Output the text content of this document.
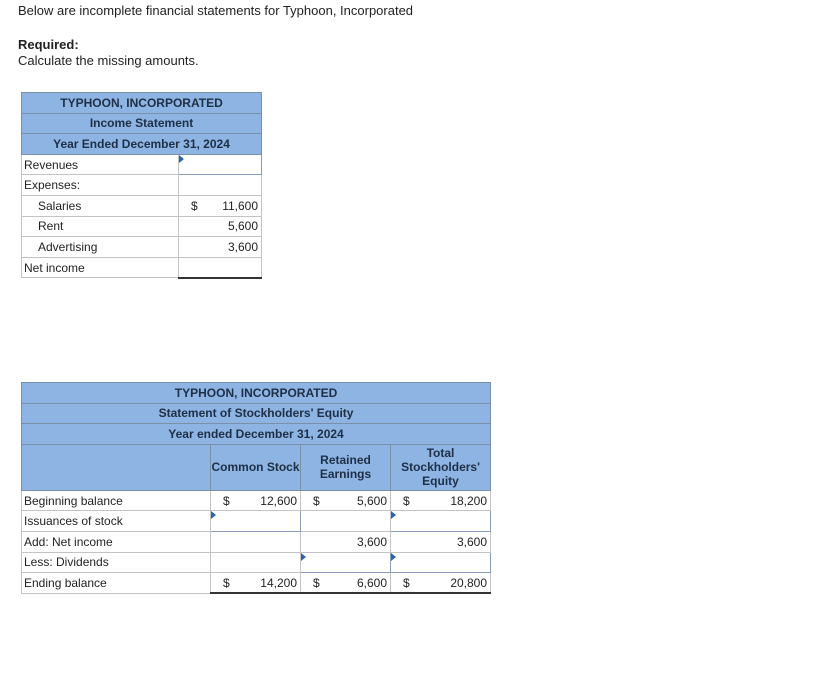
Below are incomplete financial statements for Typhoon, Incorporated
Required:
Calculate the missing amounts.
TYPHOON, INCORPORATED	
Income Statement	
Year Ended December 31, 2024	
Revenues	
Expenses:	
Salaries	$ 11,600

Rent	5,600

Advertising	3,600

Net income	
TYPHOON, INCORPORATED			
Statement of Stockholders' Equity			
Year ended December 31, 2024			
	Common Stock	Retained Earnings	Total Stockholders' Equity
Beginning balance	$ 12,600	$ 5,600	$ 18,200

Issuances of stock			
Add: Net income		3,600	3,600

Less: Dividends			
Ending balance	$ 14,200	$ 6,600	$ 20,800
